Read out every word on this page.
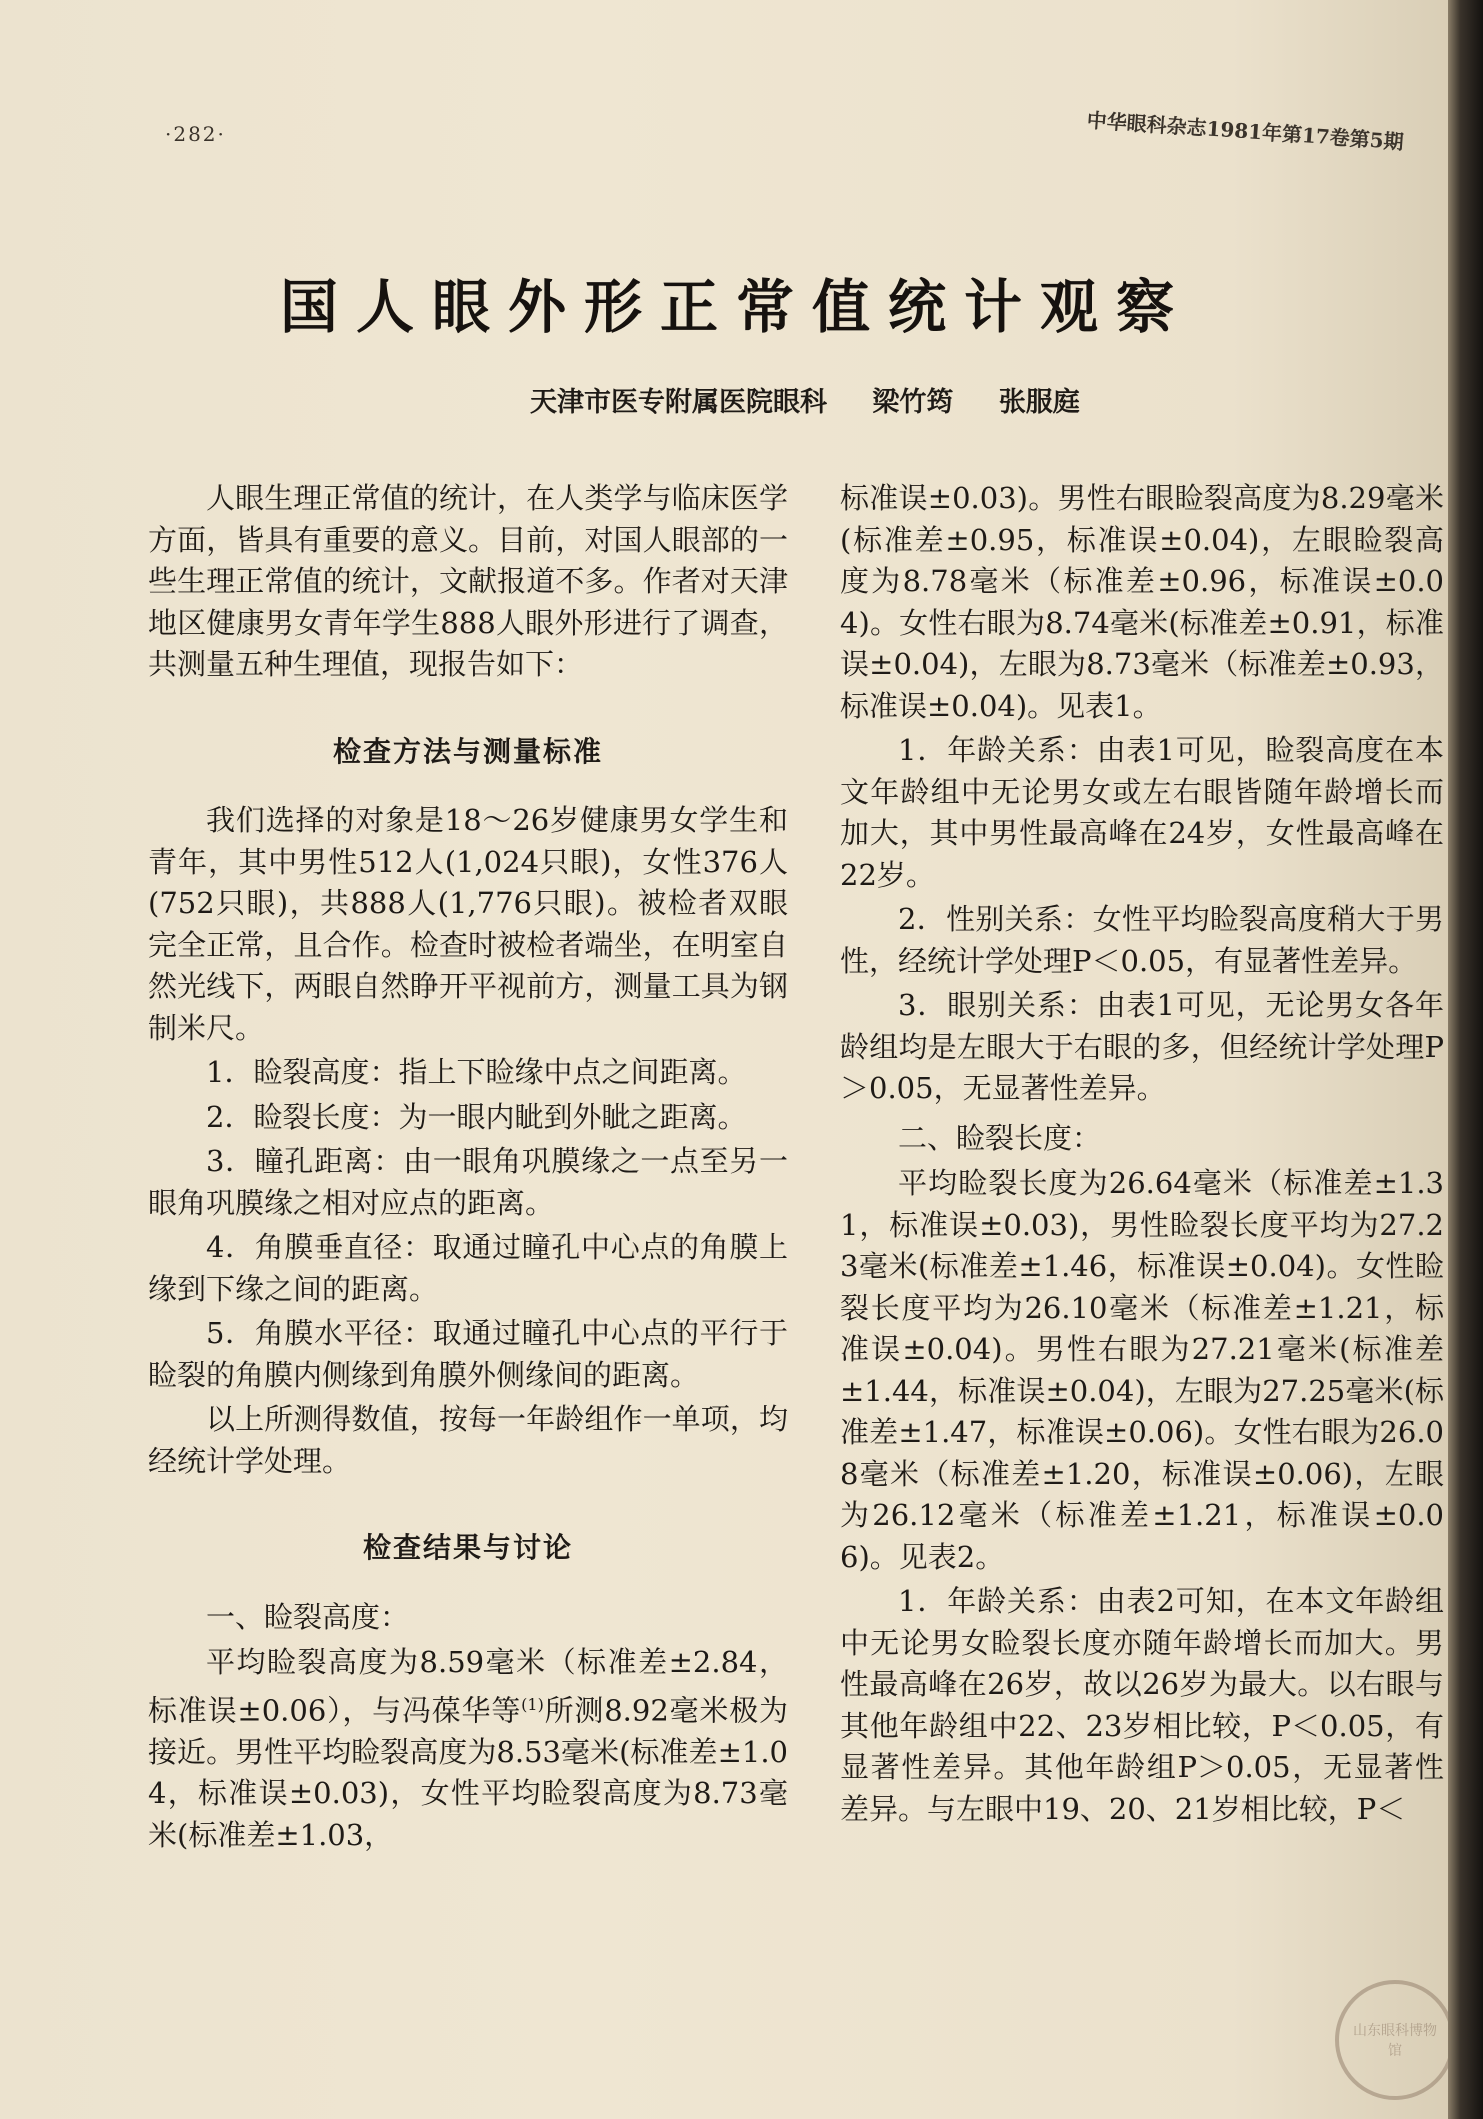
·282·	中华眼科杂志1981年第17卷第5期
国人眼外形正常值统计观察
天津市医专附属医院眼科 梁竹筠 张服庭

人眼生理正常值的统计，在人类学与临床医学方面，皆具有重要的意义。目前，对国人眼部的一些生理正常值的统计，文献报道不多。作者对天津地区健康男女青年学生888人眼外形进行了调查，共测量五种生理值，现报告如下：

检查方法与测量标准

我们选择的对象是18～26岁健康男女学生和青年，其中男性512人(1,024只眼)，女性376人(752只眼)，共888人(1,776只眼)。被检者双眼完全正常，且合作。检查时被检者端坐，在明室自然光线下，两眼自然睁开平视前方，测量工具为钢制米尺。

1．睑裂高度：指上下睑缘中点之间距离。

2．睑裂长度：为一眼内眦到外眦之距离。

3．瞳孔距离：由一眼角巩膜缘之一点至另一眼角巩膜缘之相对应点的距离。

4．角膜垂直径：取通过瞳孔中心点的角膜上缘到下缘之间的距离。

5．角膜水平径：取通过瞳孔中心点的平行于睑裂的角膜内侧缘到角膜外侧缘间的距离。

以上所测得数值，按每一年龄组作一单项，均经统计学处理。

检查结果与讨论
一、睑裂高度：

平均睑裂高度为8.59毫米（标准差±2.84，标准误±0.06），与冯葆华等$^{(1)}$所测8.92毫米极为接近。男性平均睑裂高度为8.53毫米(标准差±1.04，标准误±0.03)，女性平均睑裂高度为8.73毫米(标准差±1.03，

标准误±0.03)。男性右眼睑裂高度为8.29毫米(标准差±0.95，标准误±0.04)，左眼睑裂高度为8.78毫米（标准差±0.96，标准误±0.04)。女性右眼为8.74毫米(标准差±0.91，标准误±0.04)，左眼为8.73毫米（标准差±0.93，标准误±0.04)。见表1。

1．年龄关系：由表1可见，睑裂高度在本文年龄组中无论男女或左右眼皆随年龄增长而加大，其中男性最高峰在24岁，女性最高峰在22岁。

2．性别关系：女性平均睑裂高度稍大于男性，经统计学处理P＜0.05，有显著性差异。

3．眼别关系：由表1可见，无论男女各年龄组均是左眼大于右眼的多，但经统计学处理P＞0.05，无显著性差异。

二、睑裂长度：

平均睑裂长度为26.64毫米（标准差±1.31，标准误±0.03)，男性睑裂长度平均为27.23毫米(标准差±1.46，标准误±0.04)。女性睑裂长度平均为26.10毫米（标准差±1.21，标准误±0.04)。男性右眼为27.21毫米(标准差±1.44，标准误±0.04)，左眼为27.25毫米(标准差±1.47，标准误±0.06)。女性右眼为26.08毫米（标准差±1.20，标准误±0.06)，左眼为26.12毫米（标准差±1.21，标准误±0.06)。见表2。

1．年龄关系：由表2可知，在本文年龄组中无论男女睑裂长度亦随年龄增长而加大。男性最高峰在26岁，故以26岁为最大。以右眼与其他年龄组中22、23岁相比较，P＜0.05，有显著性差异。其他年龄组P＞0.05，无显著性差异。与左眼中19、20、21岁相比较，P＜

山东眼科博物馆
